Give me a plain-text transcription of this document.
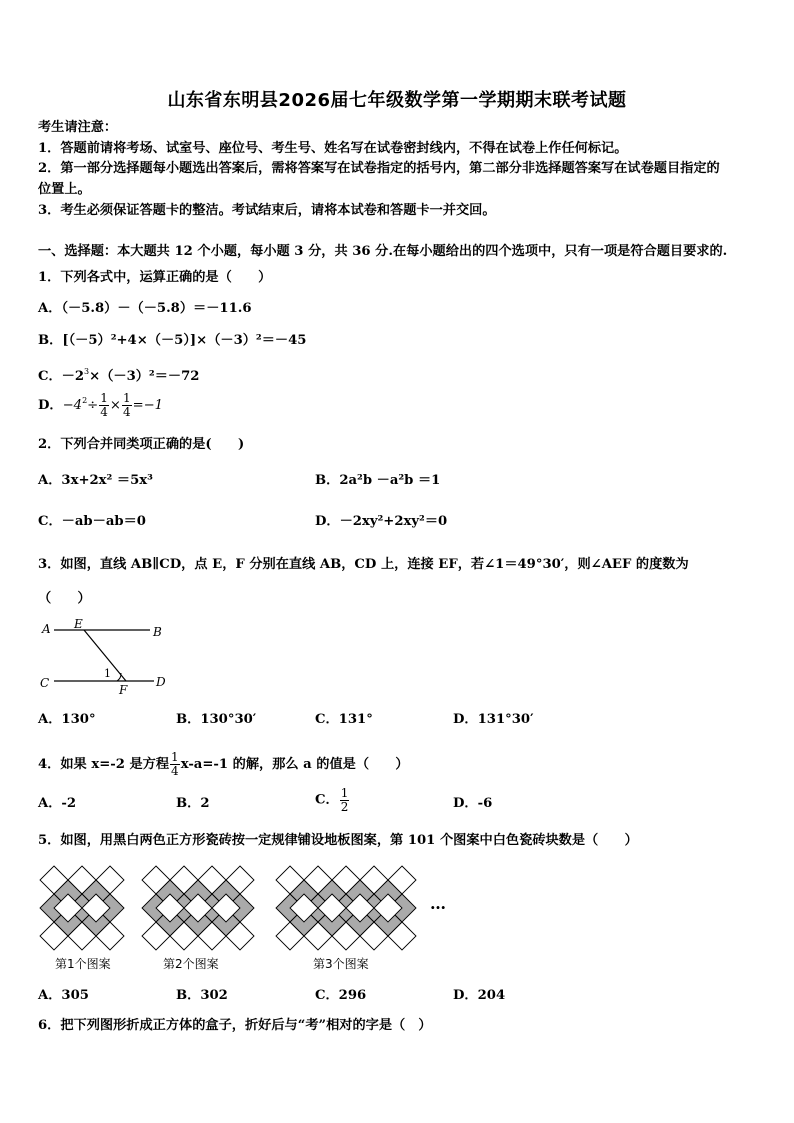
山东省东明县2026届七年级数学第一学期期末联考试题
考生请注意：
1．答题前请将考场、试室号、座位号、考生号、姓名写在试卷密封线内，不得在试卷上作任何标记。
2．第一部分选择题每小题选出答案后，需将答案写在试卷指定的括号内，第二部分非选择题答案写在试卷题目指定的
位置上。
3．考生必须保证答题卡的整洁。考试结束后，请将本试卷和答题卡一并交回。
一、选择题：本大题共 12 个小题，每小题 3 分，共 36 分.在每小题给出的四个选项中，只有一项是符合题目要求的.
1．下列各式中，运算正确的是（　　）
A．（－5.8）－（－5.8）＝－11.6
B．[（－5）²+4×（－5）]×（－3）²＝－45
C．$-2^3\times(-3)^2=-72$
D．$-4^2\div \frac{1}{4} \times \frac{1}{4} =-1$
2．下列合并同类项正确的是(　　)
A．3x+2x² ＝5x³	B．2a²b －a²b ＝1
C．－ab－ab＝0	D．－2xy²+2xy²＝0
3．如图，直线 AB∥CD，点 E，F 分别在直线 AB，CD 上，连接 EF，若∠1＝49°30′，则∠AEF 的度数为
（　　）
A E
B
C
1
F
D
A．130°	B．130°30′	C．131°	D．131°30′
4．如果 x=-2 是方程 $\frac{1}{4} x-a=-1$ 的解，那么 a 的值是（　　）
A．-2	B．2	C． $\frac{1}{2}$	D．-6
5．如图，用黑白两色正方形瓷砖按一定规律铺设地板图案，第 101 个图案中白色瓷砖块数是（　　）
第1个图案	第2个图案	第3个图案
…
A．305	B．302	C．296	D．204
6．把下列图形折成正方体的盒子，折好后与“考”相对的字是（　）
